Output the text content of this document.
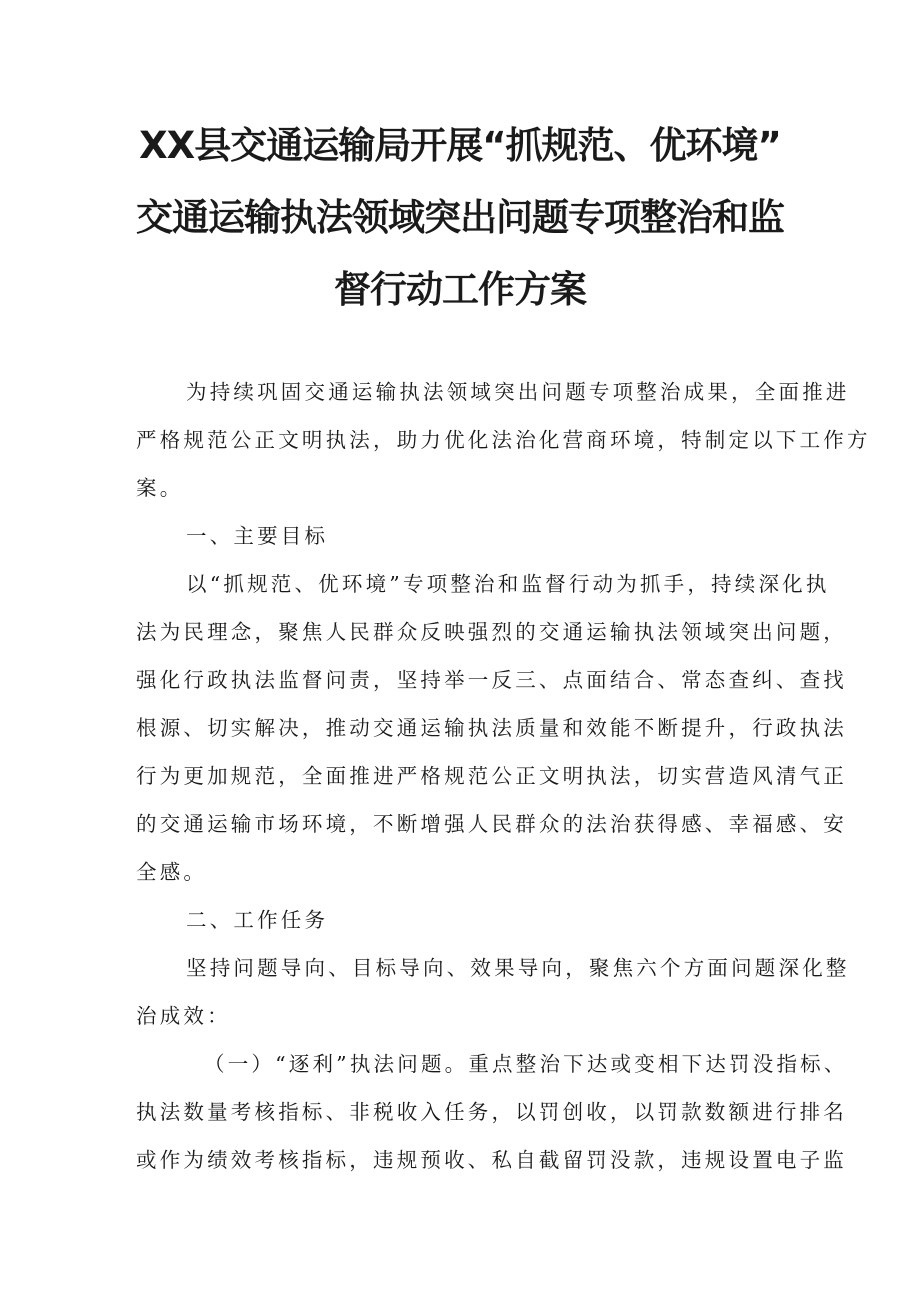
XX县交通运输局开展“抓规范、优环境”
交通运输执法领域突出问题专项整治和监
督行动工作方案
为持续巩固交通运输执法领域突出问题专项整治成果，全面推进
严格规范公正文明执法，助力优化法治化营商环境，特制定以下工作方
案。
一、主要目标
以“抓规范、优环境”专项整治和监督行动为抓手，持续深化执
法为民理念，聚焦人民群众反映强烈的交通运输执法领域突出问题，
强化行政执法监督问责，坚持举一反三、点面结合、常态查纠、查找
根源、切实解决，推动交通运输执法质量和效能不断提升，行政执法
行为更加规范，全面推进严格规范公正文明执法，切实营造风清气正
的交通运输市场环境，不断增强人民群众的法治获得感、幸福感、安
全感。
二、工作任务
坚持问题导向、目标导向、效果导向，聚焦六个方面问题深化整
治成效：
（一）“逐利”执法问题。重点整治下达或变相下达罚没指标、
执法数量考核指标、非税收入任务，以罚创收，以罚款数额进行排名
或作为绩效考核指标，违规预收、私自截留罚没款，违规设置电子监
